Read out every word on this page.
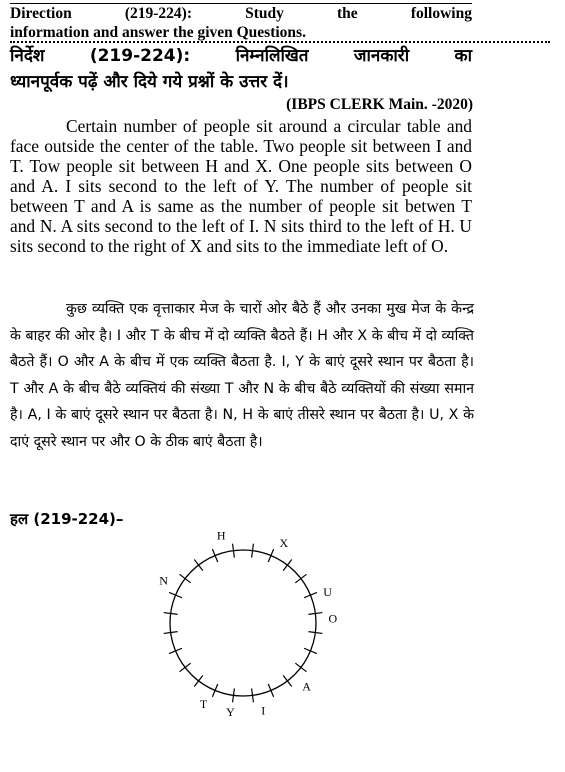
Direction	(219-224):	Study	the	following
information and answer the given Questions.
निर्देश	(219-224):	निम्नलिखित	जानकारी	का
ध्यानपूर्वक पढ़ें और दिये गये प्रश्नों के उत्तर दें।
(IBPS CLERK Main. -2020)

Certain number of people sit around a circular table and face outside the center of the table. Two people sit between I and T. Tow people sit between H and X. One people sits between O and A. I sits second to the left of Y. The number of people sit between T and A is same as the number of people sit betwen T and N. A sits second to the left of I. N sits third to the left of H. U sits second to the right of X and sits to the immediate left of O.

कुछ व्यक्ति एक वृत्ताकार मेज के चारों ओर बैठे हैं और उनका मुख मेज के केन्द्र के बाहर की ओर है। I और T के बीच में दो व्यक्ति बैठते हैं। H और X के बीच में दो व्यक्ति बैठते हैं। O और A के बीच में एक व्यक्ति बैठता है. I, Y के बाएं दूसरे स्थान पर बैठता है। T और A के बीच बैठे व्यक्तियं की संख्या T और N के बीच बैठे व्यक्तियों की संख्या समान है। A, I के बाएं दूसरे स्थान पर बैठता है। N, H के बाएं तीसरे स्थान पर बैठता है। U, X के दाएं दूसरे स्थान पर और O के ठीक बाएं बैठता है।

हल (219-224)–
H
X
U
O
A
I
Y
T
N
